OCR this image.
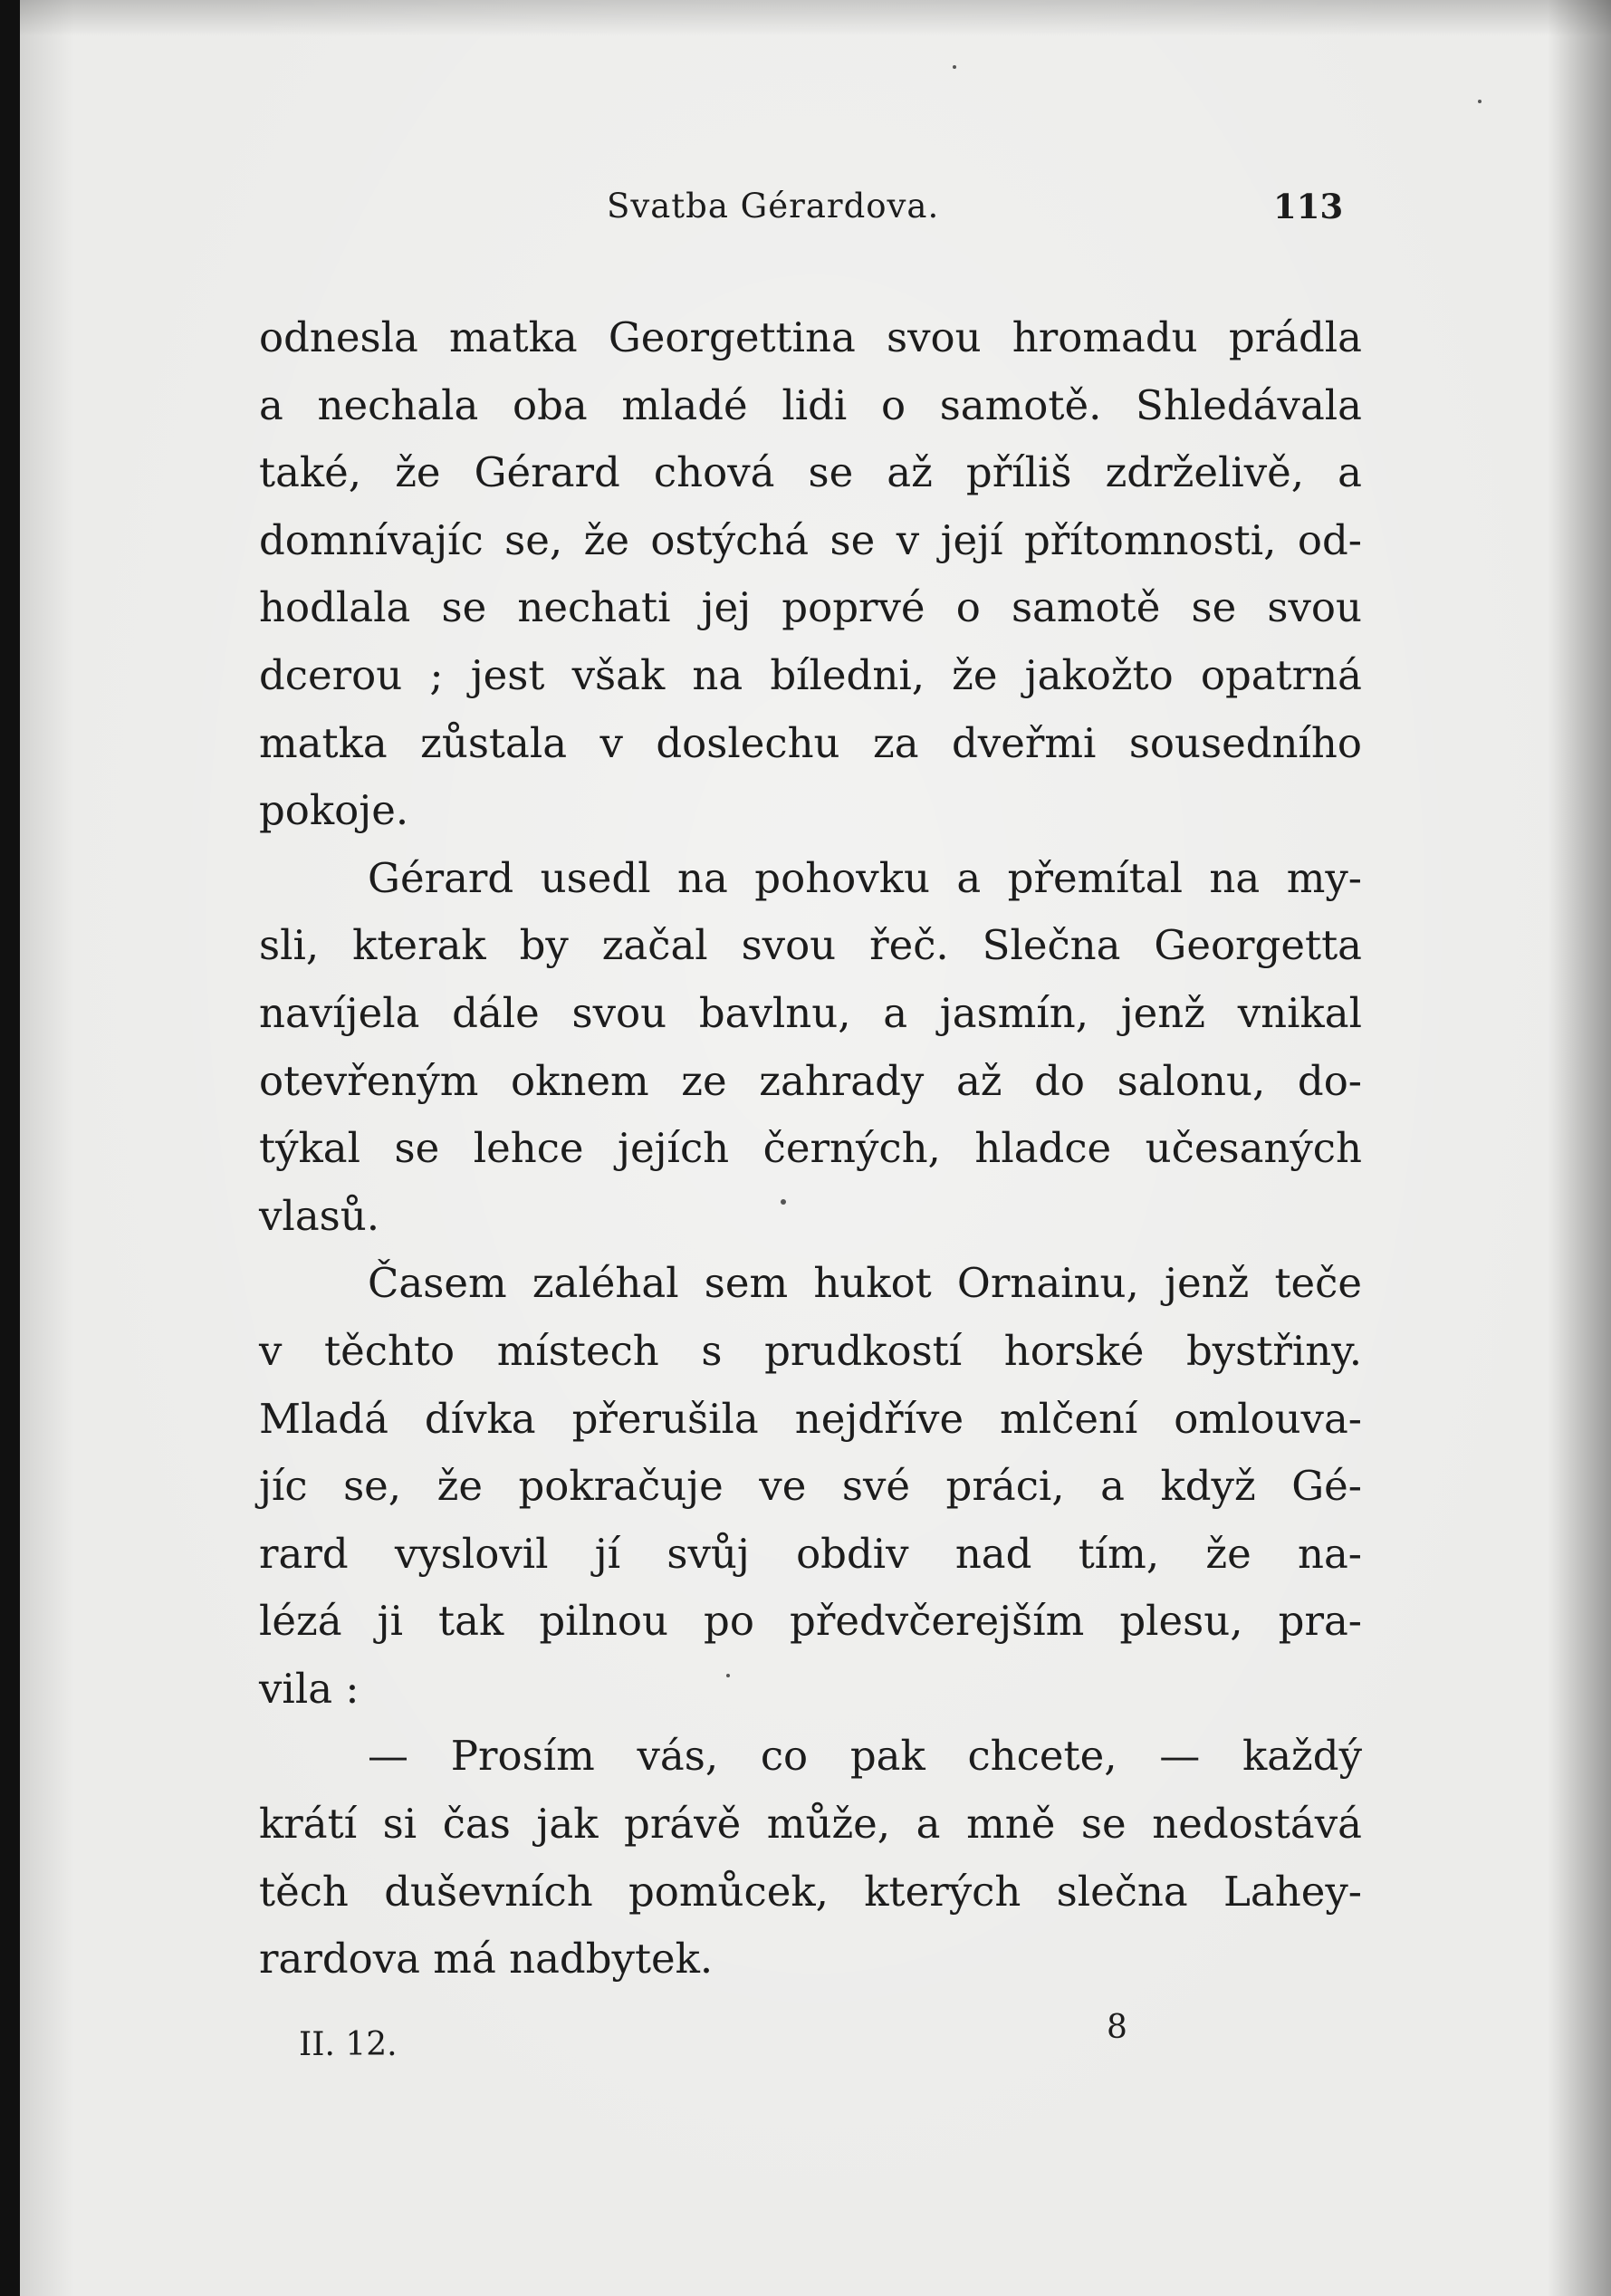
Svatba Gérardova.	113
odnesla matka Georgettina svou hromadu prádla
a nechala oba mladé lidi o samotě. Shledávala
také, že Gérard chová se až příliš zdrželivě, a
domnívajíc se, že ostýchá se v její přítomnosti, od-
hodlala se nechati jej poprvé o samotě se svou
dcerou ; jest však na bíledni, že jakožto opatrná
matka zůstala v doslechu za dveřmi sousedního
pokoje.
Gérard usedl na pohovku a přemítal na my-
sli, kterak by začal svou řeč. Slečna Georgetta
navíjela dále svou bavlnu, a jasmín, jenž vnikal
otevřeným oknem ze zahrady až do salonu, do-
týkal se lehce jejích černých, hladce učesaných
vlasů.
Časem zaléhal sem hukot Ornainu, jenž teče
v těchto místech s prudkostí horské bystřiny.
Mladá dívka přerušila nejdříve mlčení omlouva-
jíc se, že pokračuje ve své práci, a když Gé-
rard vyslovil jí svůj obdiv nad tím, že na-
lézá ji tak pilnou po předvčerejším plesu, pra-
vila :
— Prosím vás, co pak chcete, — každý
krátí si čas jak právě může, a mně se nedostává
těch duševních pomůcek, kterých slečna Lahey-
rardova má nadbytek.
II. 12.	8
